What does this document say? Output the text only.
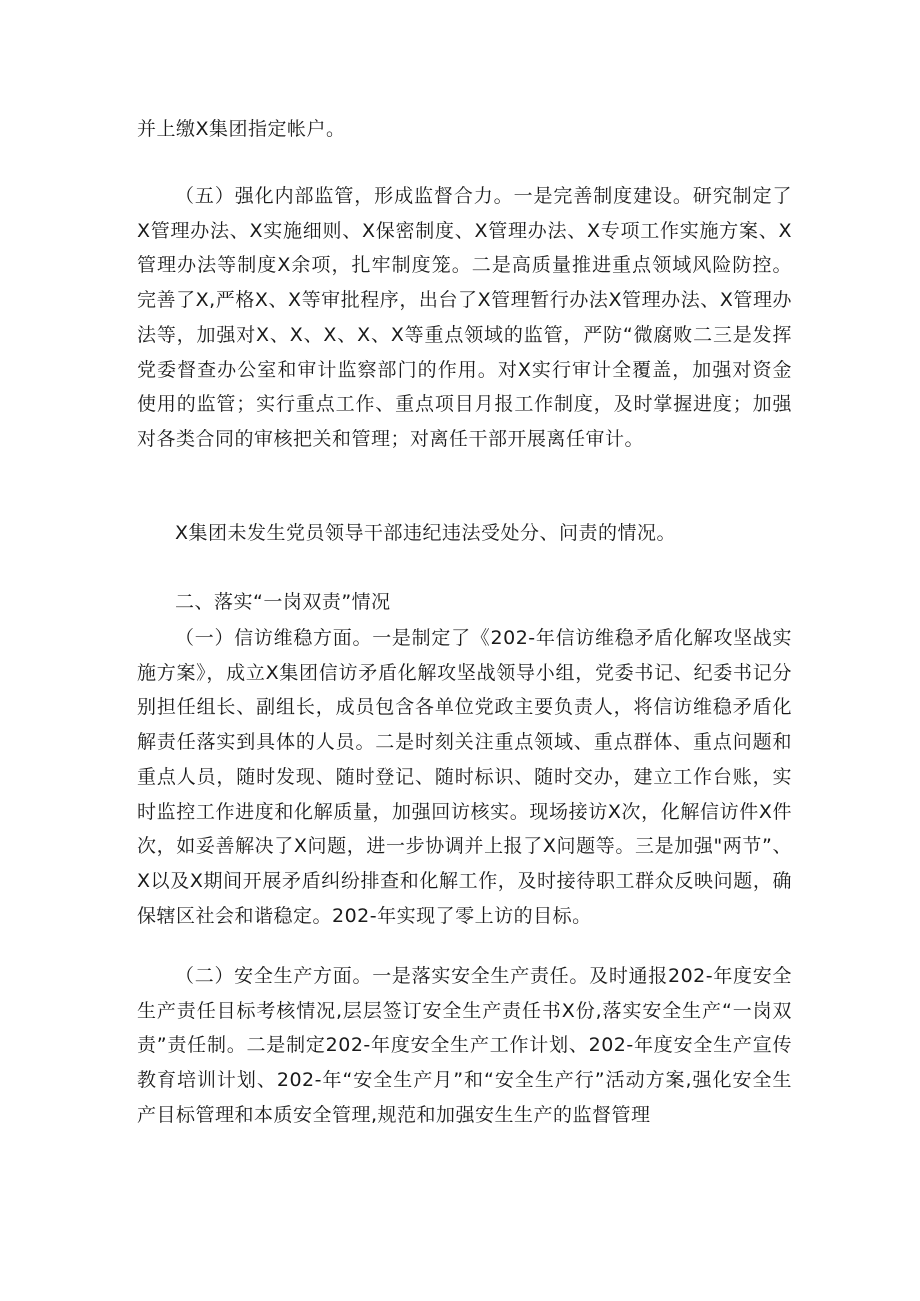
并上缴X集团指定帐户。

（五）强化内部监管，形成监督合力。一是完善制度建设。研究制定了X管理办法、X实施细则、X保密制度、X管理办法、X专项工作实施方案、X管理办法等制度X余项，扎牢制度笼。二是高质量推进重点领域风险防控。完善了X,严格X、X等审批程序，出台了X管理暂行办法X管理办法、X管理办法等，加强对X、X、X、X、X等重点领域的监管，严防“微腐败二三是发挥党委督查办公室和审计监察部门的作用。对X实行审计全覆盖，加强对资金使用的监管；实行重点工作、重点项目月报工作制度，及时掌握进度；加强对各类合同的审核把关和管理；对离任干部开展离任审计。

X集团未发生党员领导干部违纪违法受处分、问责的情况。

二、落实“一岗双责”情况

（一）信访维稳方面。一是制定了《202-年信访维稳矛盾化解攻坚战实施方案》，成立X集团信访矛盾化解攻坚战领导小组，党委书记、纪委书记分别担任组长、副组长，成员包含各单位党政主要负责人，将信访维稳矛盾化解责任落实到具体的人员。二是时刻关注重点领域、重点群体、重点问题和重点人员，随时发现、随时登记、随时标识、随时交办，建立工作台账，实时监控工作进度和化解质量，加强回访核实。现场接访X次，化解信访件X件次，如妥善解决了X问题，进一步协调并上报了X问题等。三是加强"两节”、X以及X期间开展矛盾纠纷排查和化解工作，及时接待职工群众反映问题，确保辖区社会和谐稳定。202-年实现了零上访的目标。

（二）安全生产方面。一是落实安全生产责任。及时通报202-年度安全生产责任目标考核情况,层层签订安全生产责任书X份,落实安全生产“一岗双责”责任制。二是制定202-年度安全生产工作计划、202-年度安全生产宣传教育培训计划、202-年“安全生产月”和“安全生产行”活动方案,强化安全生产目标管理和本质安全管理,规范和加强安生生产的监督管理
